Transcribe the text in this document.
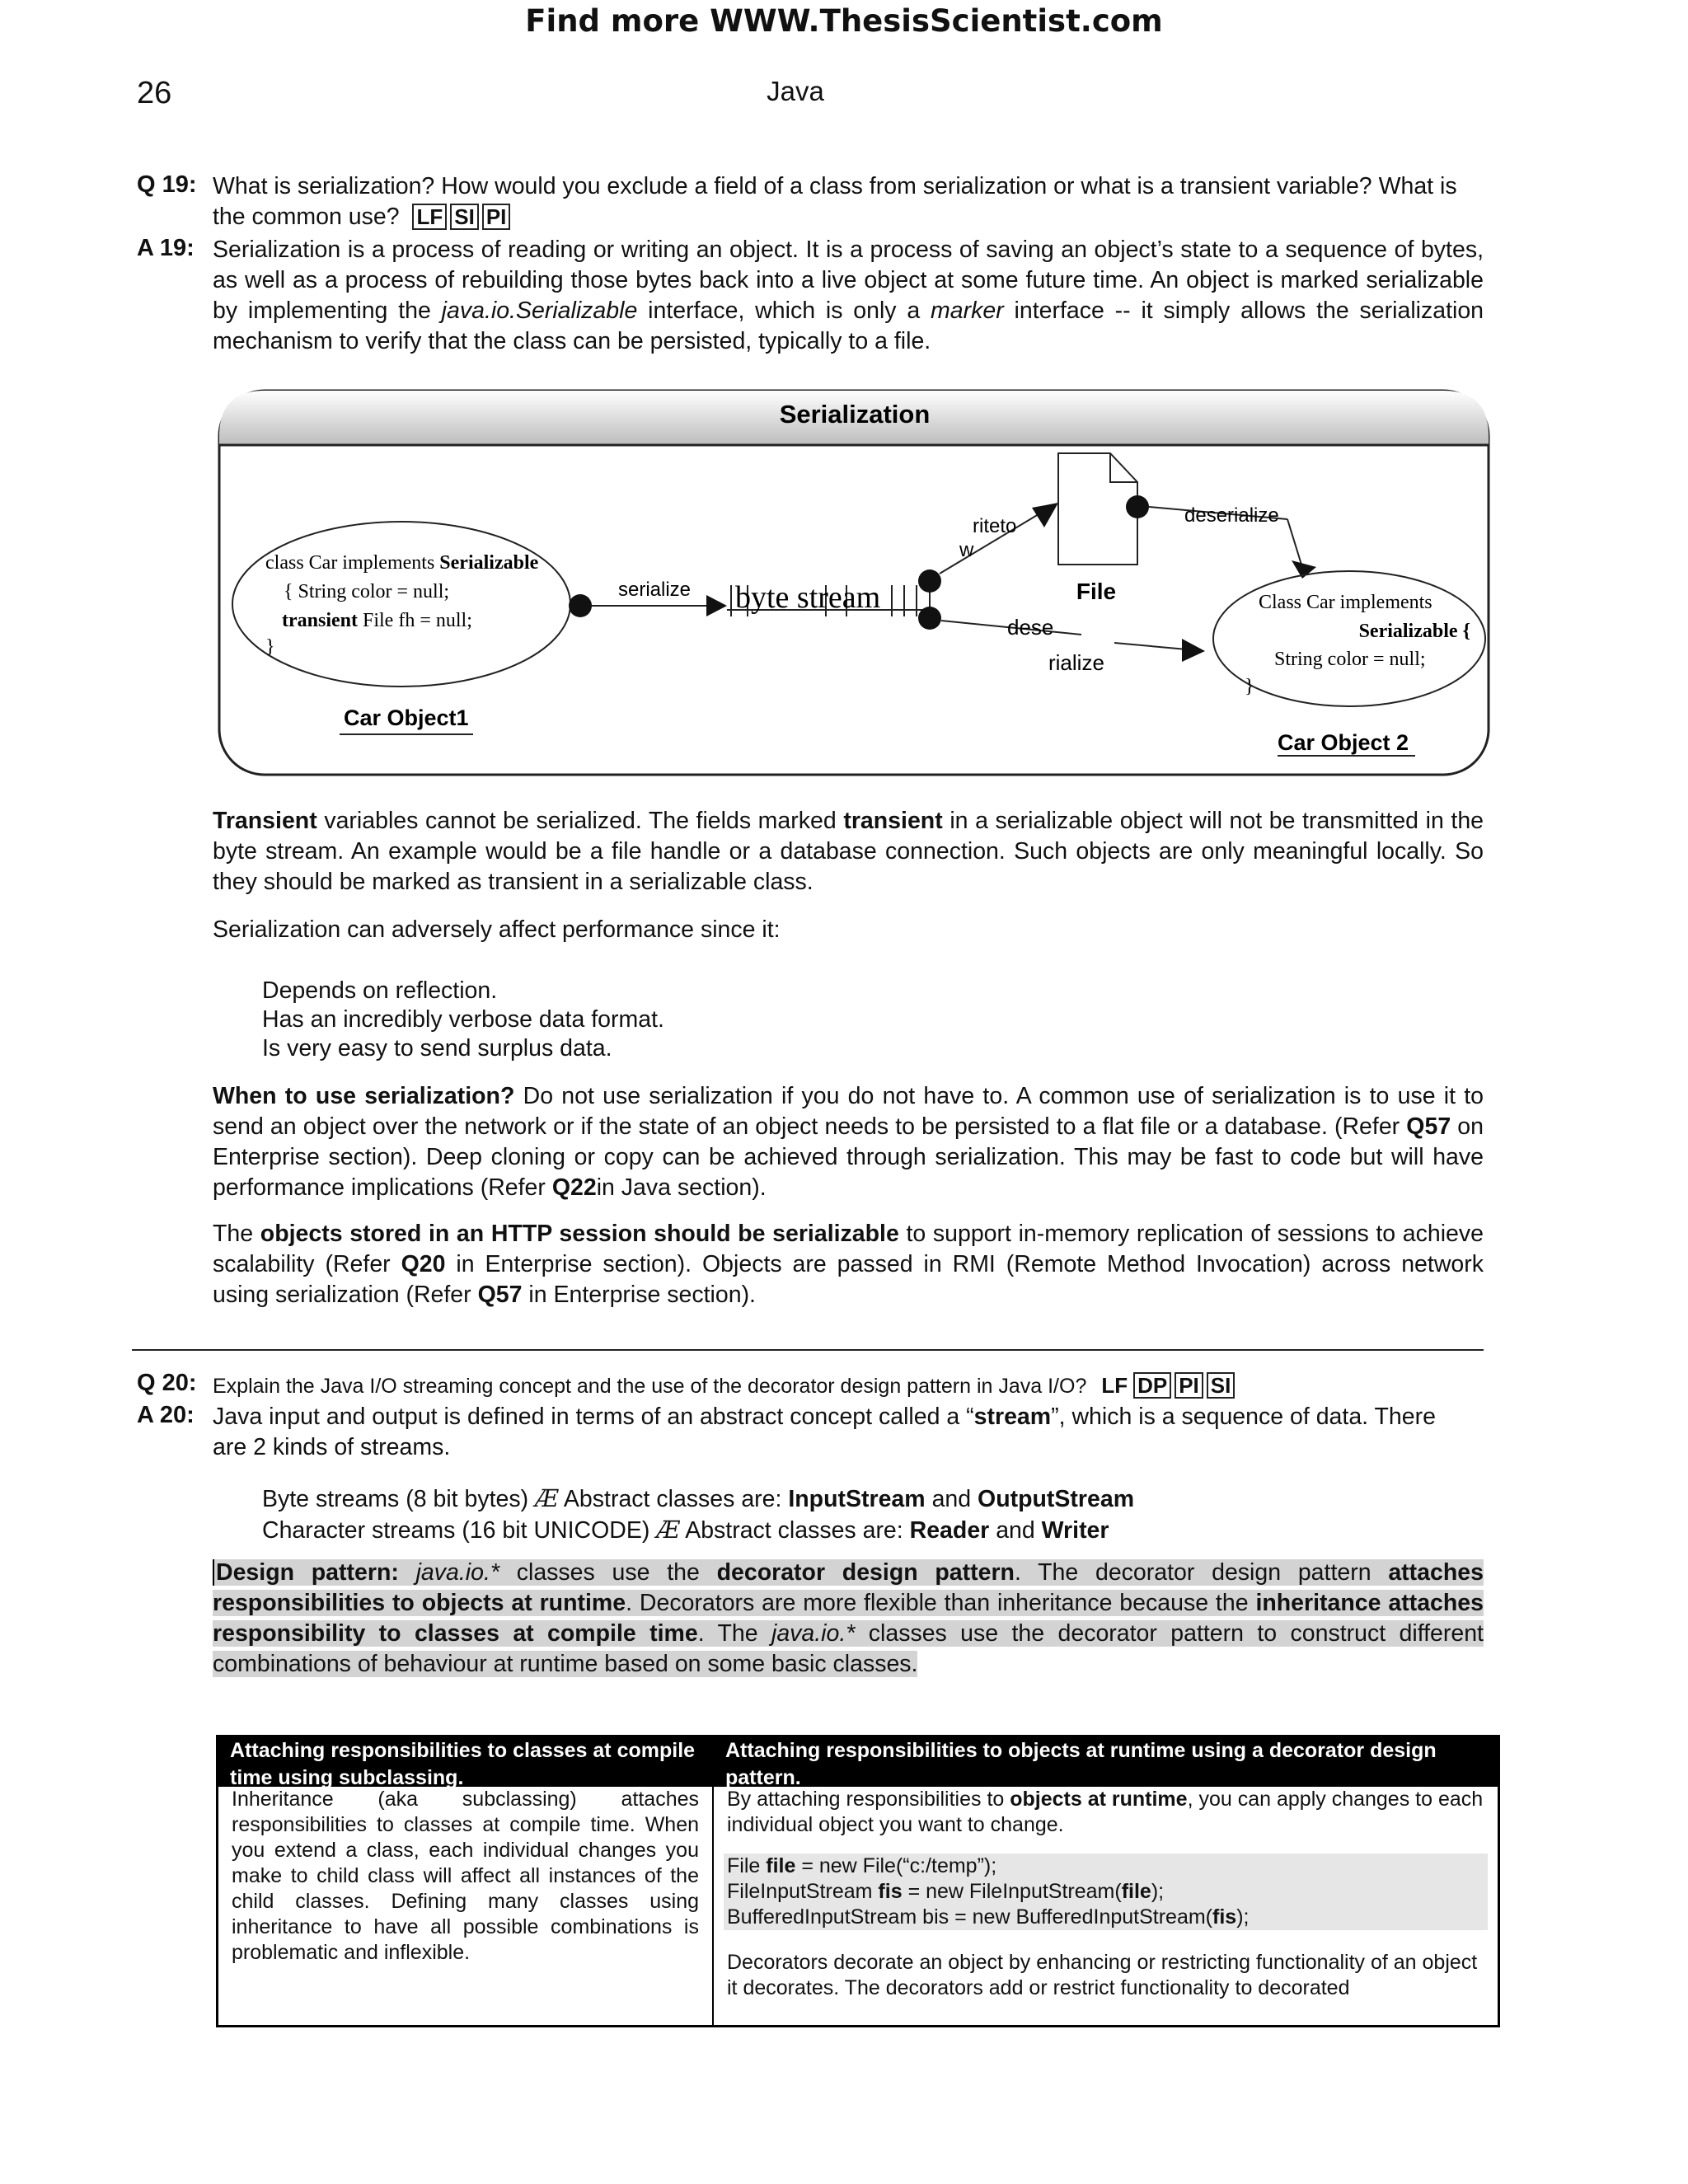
Find more WWW.ThesisScientist.com
26	Java
Q 19: What is serialization? How would you exclude a field of a class from serialization or what is a transient variable? What is the common use? LF SI PI
A 19: Serialization is a process of reading or writing an object. It is a process of saving an object’s state to a sequence of bytes, as well as a process of rebuilding those bytes back into a live object at some future time. An object is marked serializable by implementing the java.io.Serializable interface, which is only a marker interface -- it simply allows the serialization mechanism to verify that the class can be persisted, typically to a file.
Serialization
class Car implements Serializable
{ String color = null;
transient File fh = null;
}
Car Object1
serialize byte stream
riteto
w
File
deserialize
dese
rialize
Class Car implements
Serializable {
String color = null;
}
Car Object 2
Transient variables cannot be serialized. The fields marked transient in a serializable object will not be transmitted in the byte stream. An example would be a file handle or a database connection. Such objects are only meaningful locally. So they should be marked as transient in a serializable class.
Serialization can adversely affect performance since it:
Depends on reflection.
Has an incredibly verbose data format.
Is very easy to send surplus data.
When to use serialization? Do not use serialization if you do not have to. A common use of serialization is to use it to send an object over the network or if the state of an object needs to be persisted to a flat file or a database. (Refer Q57 on Enterprise section). Deep cloning or copy can be achieved through serialization. This may be fast to code but will have performance implications (Refer Q22in Java section).
The objects stored in an HTTP session should be serializable to support in-memory replication of sessions to achieve scalability (Refer Q20 in Enterprise section). Objects are passed in RMI (Remote Method Invocation) across network using serialization (Refer Q57 in Enterprise section).
Q 20: Explain the Java I/O streaming concept and the use of the decorator design pattern in Java I/O? LF DP PI SI
A 20: Java input and output is defined in terms of an abstract concept called a “stream”, which is a sequence of data. There are 2 kinds of streams.
Byte streams (8 bit bytes) Æ Abstract classes are: InputStream and OutputStream
Character streams (16 bit UNICODE) Æ Abstract classes are: Reader and Writer
Design pattern: java.io.* classes use the decorator design pattern. The decorator design pattern attaches responsibilities to objects at runtime. Decorators are more flexible than inheritance because the inheritance attaches responsibility to classes at compile time. The java.io.* classes use the decorator pattern to construct different combinations of behaviour at runtime based on some basic classes.
Attaching responsibilities to classes at compile time using subclassing.
Attaching responsibilities to objects at runtime using a decorator design pattern.
Inheritance (aka subclassing) attaches responsibilities to classes at compile time. When you extend a class, each individual changes you make to child class will affect all instances of the child classes. Defining many classes using inheritance to have all possible combinations is problematic and inflexible.
By attaching responsibilities to objects at runtime, you can apply changes to each individual object you want to change.
File file = new File(“c:/temp”);
FileInputStream fis = new FileInputStream(file);
BufferedInputStream bis = new BufferedInputStream(fis);
Decorators decorate an object by enhancing or restricting functionality of an object it decorates. The decorators add or restrict functionality to decorated
